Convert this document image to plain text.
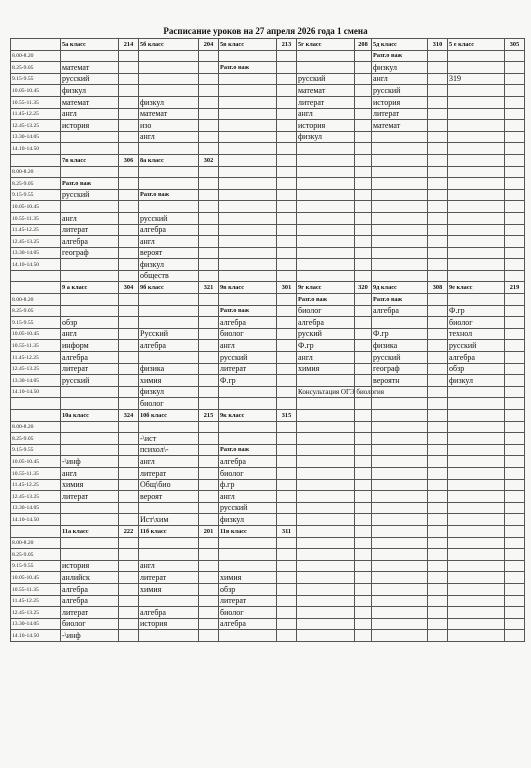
Расписание уроков на 27 апреля 2026 года 1 смена
	5а класс	214	5б класс	204	5в класс	213	5г класс	208	5д класс	310	5 е класс	305
8.00-8.20									Разг.о важ			
8.25-9.05	математ				Разг.о важ				физкул			
9.15-9.55	русский						русский		англ		319	
10.05-10.45	физкул						математ		русский			
10.55-11.35	математ		физкул				литерат		история			
11.45-12.25	англ		математ				англ		литерат			
12.45-13.25	история		изо				история		математ			
13.30-14.05			англ				физкул					
14.10-14.50												
	7в класс	306	8а класс	302								
8.00-8.20												
8.25-9.05	Разг.о важ											
9.15-9.55	русский		Разг.о важ									
10.05-10.45												
10.55-11.35	англ		русский									
11.45-12.25	литерат		алгебра									
12.45-13.25	алгебра		англ									
13.30-14.05	географ		вероят									
14.10-14.50			физкул									
			обществ									
	9 а класс	304	9б класс	321	9в класс	301	9г класс	320	9д класс	308	9е класс	219
8.00-8.20							Разг.о важ		Разг.о важ			
8.25-9.05					Разг.о важ		биолог		алгебра		Ф.гр	
9.15-9.55	обзр				алгебра		алгебра				биолог	
10.05-10.45	англ		Русский		биолог		руский		Ф.гр		технол	
10.55-11.35	информ		алгебра		англ		Ф.гр		физика		русский	
11.45-12.25	алгебра				русский		англ		русский		алгебра	
12.45-13.25	литерат		физика		литерат		химия		географ		обзр	
13.30-14.05	русский		химия		Ф.гр				вероятн		физкул	
14.10-14.50			физкул				Консультация ОГЭ биология					
			биолог									
	10а класс	324	10б класс	215	9к класс	315						
8.00-8.20												
8.25-9.05			-\ист									
9.15-9.55			психол\-		Разг.о важ							
10.05-10.45	-\инф		англ		алгебра							
10.55-11.35	англ		литерат		биолог							
11.45-12.25	химия		Общ\био		ф.гр							
12.45-13.25	литерат		вероят		англ							
13.30-14.05					русский							
14.10-14.50			Ист\хим		физкул							
	11а класс	222	11б класс	201	11в класс	311						
8.00-8.20												
8.25-9.05												
9.15-9.55	история		англ									
10.05-10.45	анлийск		литерат		химия							
10.55-11.35	алгебра		химия		обзр							
11.45-12.25	алгебра				литерат							
12.45-13.25	литерат		алгебра		биолог							
13.30-14.05	биолог		история		алгебра							
14.10-14.50	-\инф											
